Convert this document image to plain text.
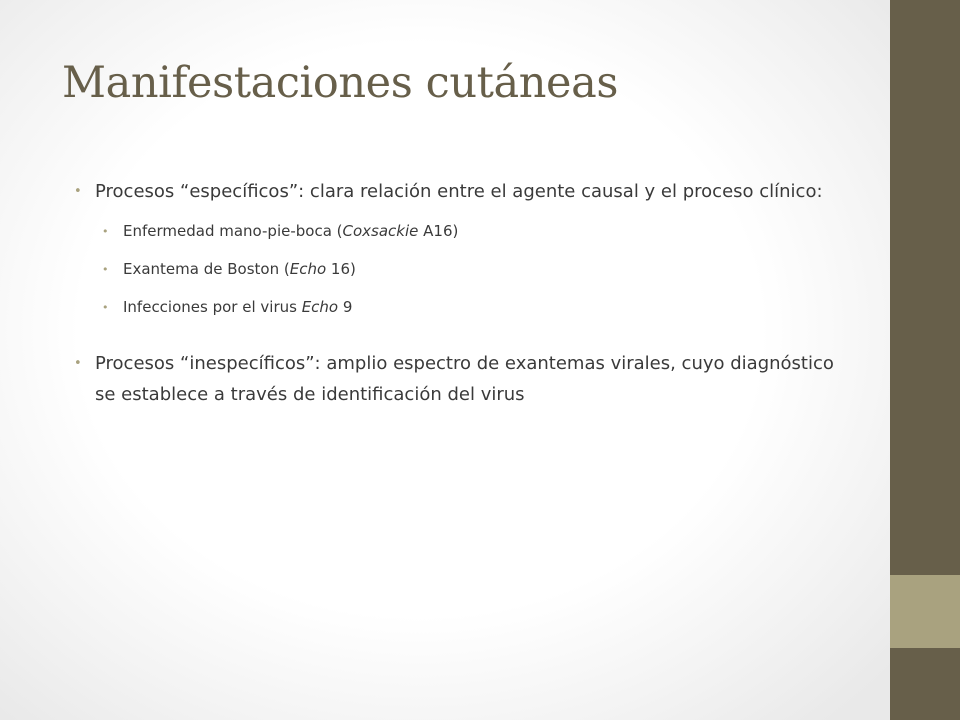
Manifestaciones cutáneas
• Procesos “específicos”: clara relación entre el agente causal y el proceso clínico:
• Enfermedad mano-pie-boca (Coxsackie A16)
• Exantema de Boston (Echo 16)
• Infecciones por el virus Echo 9
• Procesos “inespecíficos”: amplio espectro de exantemas virales, cuyo diagnóstico se establece a través de identificación del virus
